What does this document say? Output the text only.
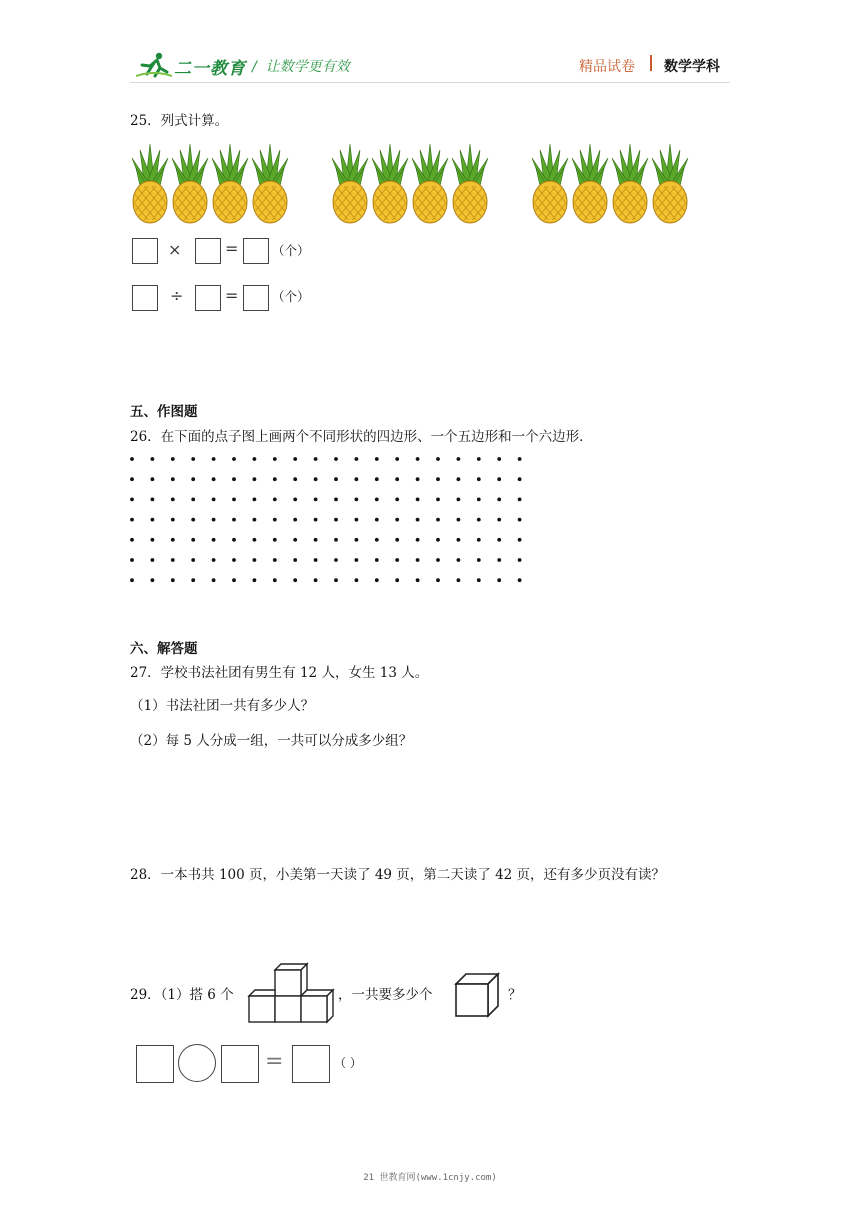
二一教育 / 让数学更有效	精品试卷 数学学科
25．列式计算。
×	=	（个）
÷	=	（个）
五、作图题
26．在下面的点子图上画两个不同形状的四边形、一个五边形和一个六边形．
六、解答题
27．学校书法社团有男生有 12 人，女生 13 人。
（1）书法社团一共有多少人？
（2）每 5 人分成一组，一共可以分成多少组？
28．一本书共 100 页，小美第一天读了 49 页，第二天读了 42 页，还有多少页没有读？
29．（1）搭 6 个	，一共要多少个	？
=	（ ）
21 世教育网(www.1cnjy.com)
